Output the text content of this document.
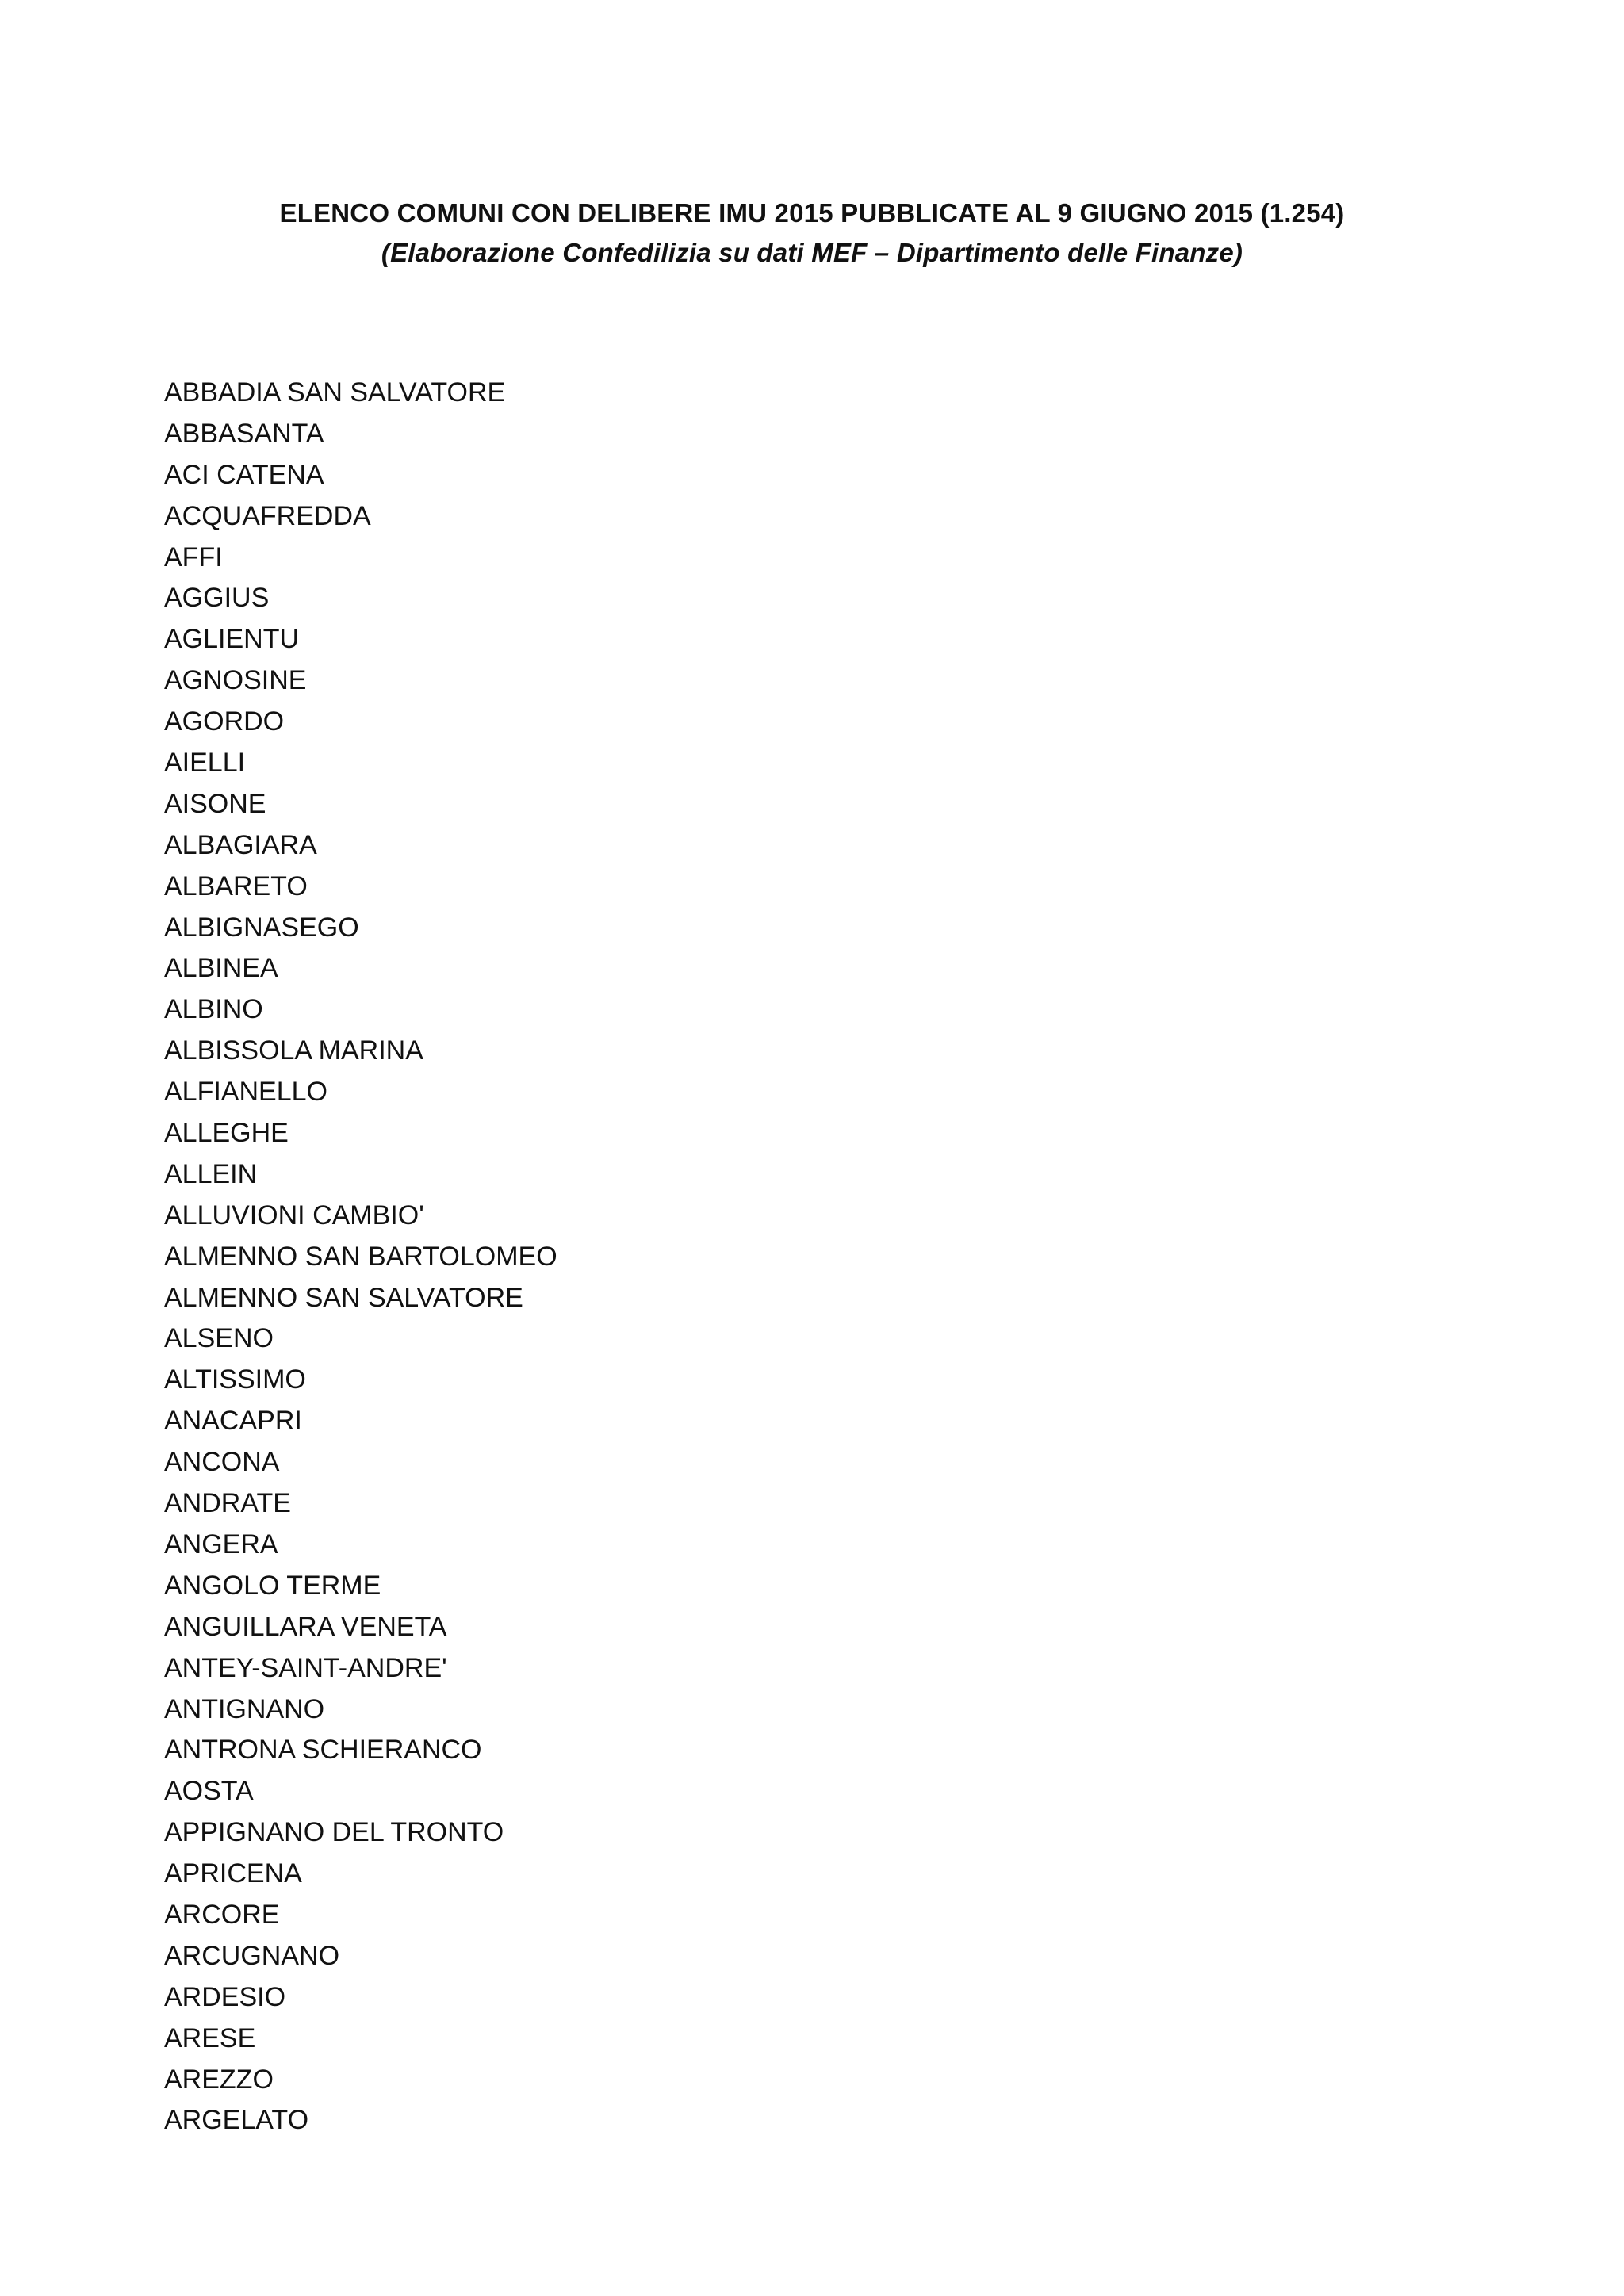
ELENCO COMUNI CON DELIBERE IMU 2015 PUBBLICATE AL 9 GIUGNO 2015 (1.254)
(Elaborazione Confedilizia su dati MEF – Dipartimento delle Finanze)
ABBADIA SAN SALVATORE
ABBASANTA
ACI CATENA
ACQUAFREDDA
AFFI
AGGIUS
AGLIENTU
AGNOSINE
AGORDO
AIELLI
AISONE
ALBAGIARA
ALBARETO
ALBIGNASEGO
ALBINEA
ALBINO
ALBISSOLA MARINA
ALFIANELLO
ALLEGHE
ALLEIN
ALLUVIONI CAMBIO'
ALMENNO SAN BARTOLOMEO
ALMENNO SAN SALVATORE
ALSENO
ALTISSIMO
ANACAPRI
ANCONA
ANDRATE
ANGERA
ANGOLO TERME
ANGUILLARA VENETA
ANTEY-SAINT-ANDRE'
ANTIGNANO
ANTRONA SCHIERANCO
AOSTA
APPIGNANO DEL TRONTO
APRICENA
ARCORE
ARCUGNANO
ARDESIO
ARESE
AREZZO
ARGELATO
